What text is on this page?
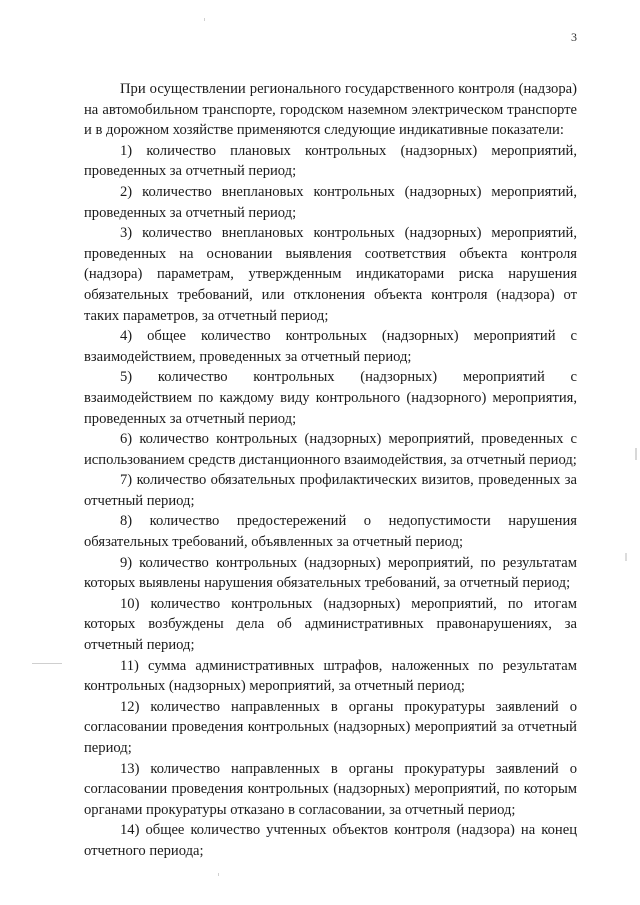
3

При осуществлении регионального государственного контроля (надзора) на автомобильном транспорте, городском наземном электрическом транспорте и в дорожном хозяйстве применяются следующие индикативные показатели:

1) количество плановых контрольных (надзорных) мероприятий, проведенных за отчетный период;

2) количество внеплановых контрольных (надзорных) мероприятий, проведенных за отчетный период;

3) количество внеплановых контрольных (надзорных) мероприятий, проведенных на основании выявления соответствия объекта контроля (надзора) параметрам, утвержденным индикаторами риска нарушения обязательных требований, или отклонения объекта контроля (надзора) от таких параметров, за отчетный период;

4) общее количество контрольных (надзорных) мероприятий с взаимодействием, проведенных за отчетный период;

5) количество контрольных (надзорных) мероприятий с взаимодействием по каждому виду контрольного (надзорного) мероприятия, проведенных за отчетный период;

6) количество контрольных (надзорных) мероприятий, проведенных с использованием средств дистанционного взаимодействия, за отчетный период;

7) количество обязательных профилактических визитов, проведенных за отчетный период;

8) количество предостережений о недопустимости нарушения обязательных требований, объявленных за отчетный период;

9) количество контрольных (надзорных) мероприятий, по результатам которых выявлены нарушения обязательных требований, за отчетный период;

10) количество контрольных (надзорных) мероприятий, по итогам которых возбуждены дела об административных правонарушениях, за отчетный период;

11) сумма административных штрафов, наложенных по результатам контрольных (надзорных) мероприятий, за отчетный период;

12) количество направленных в органы прокуратуры заявлений о согласовании проведения контрольных (надзорных) мероприятий за отчетный период;

13) количество направленных в органы прокуратуры заявлений о согласовании проведения контрольных (надзорных) мероприятий, по которым органами прокуратуры отказано в согласовании, за отчетный период;

14) общее количество учтенных объектов контроля (надзора) на конец отчетного периода;
